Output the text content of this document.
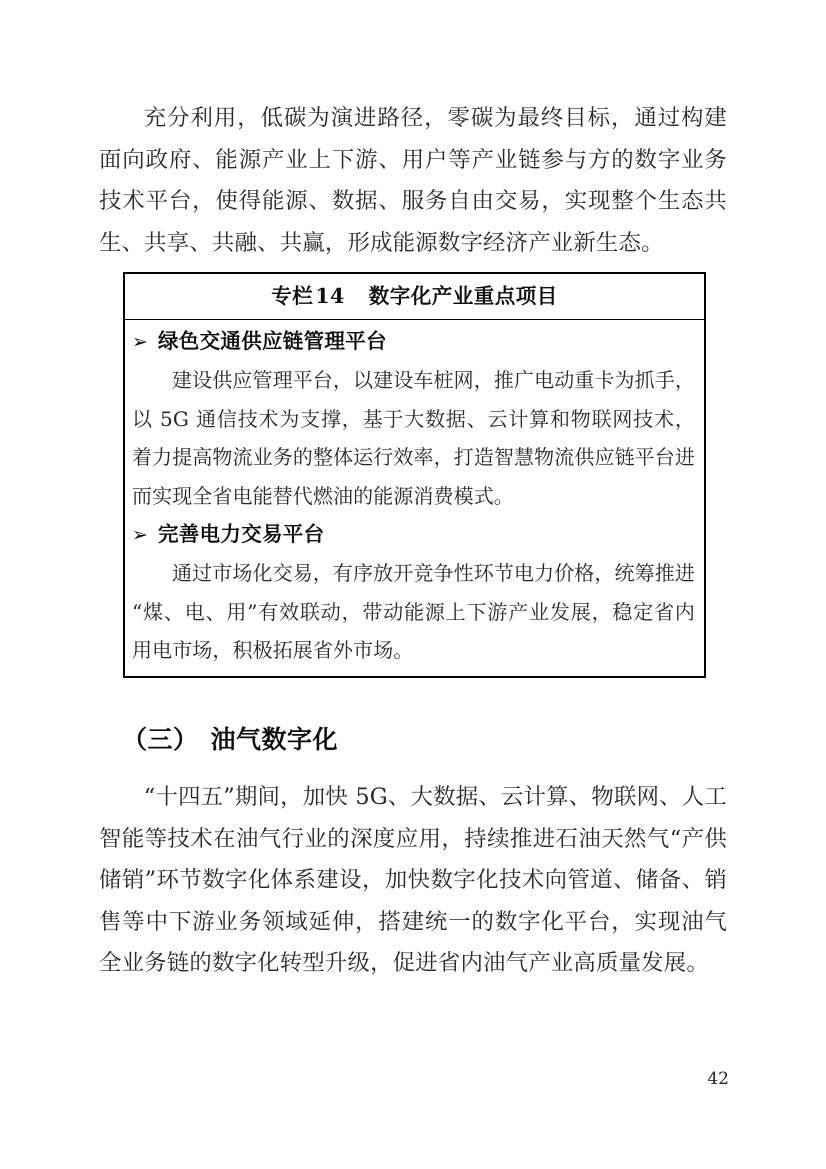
充分利用，低碳为演进路径，零碳为最终目标，通过构建面向政府、能源产业上下游、用户等产业链参与方的数字业务技术平台，使得能源、数据、服务自由交易，实现整个生态共生、共享、共融、共赢，形成能源数字经济产业新生态。
专栏14 数字化产业重点项目
➢ 绿色交通供应链管理平台

建设供应管理平台，以建设车桩网，推广电动重卡为抓手，以 5G 通信技术为支撑，基于大数据、云计算和物联网技术，着力提高物流业务的整体运行效率，打造智慧物流供应链平台进而实现全省电能替代燃油的能源消费模式。

➢ 完善电力交易平台

通过市场化交易，有序放开竞争性环节电力价格，统筹推进“煤、电、用”有效联动，带动能源上下游产业发展，稳定省内用电市场，积极拓展省外市场。

（三） 油气数字化
“十四五”期间，加快 5G、大数据、云计算、物联网、人工智能等技术在油气行业的深度应用，持续推进石油天然气“产供储销”环节数字化体系建设，加快数字化技术向管道、储备、销售等中下游业务领域延伸，搭建统一的数字化平台，实现油气全业务链的数字化转型升级，促进省内油气产业高质量发展。
42
